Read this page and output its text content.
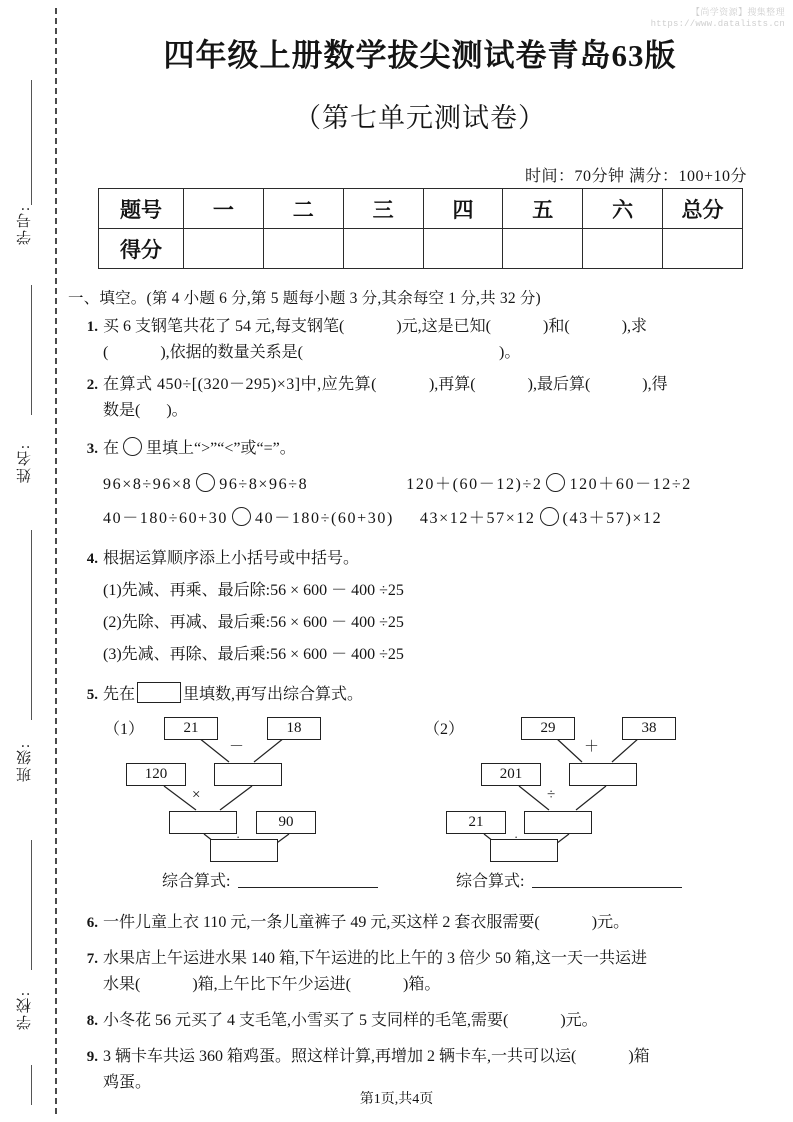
【尚学资源】搜集整理
https://www.datalists.cn
学号:
姓名:
班级:
学校:
四年级上册数学拔尖测试卷青岛63版
（第七单元测试卷）
时间：70分钟 满分：100+10分
题号	一	二	三	四	五	六	总分
得分							
一、填空。(第 4 小题 6 分,第 5 题每小题 3 分,其余每空 1 分,共 32 分)
1. 买 6 支钢笔共花了 54 元,每支钢笔(	)元,这是已知(	)和(	),求
(	),依据的数量关系是(	)。
2. 在算式 450÷[(320－295)×3]中,应先算(	),再算(	),最后算(	),得
数是( )。
3. 在 里填上“>”“<”或“=”。
96×8÷96×8 96÷8×96÷8	120＋(60－12)÷2 120＋60－12÷2
40－180÷60+30 40－180÷(60+30) 43×12＋57×12 (43＋57)×12
4. 根据运算顺序添上小括号或中括号。
(1)先减、再乘、最后除:56 × 600 － 400 ÷25
(2)先除、再减、最后乘:56 × 600 － 400 ÷25
(3)先减、再除、最后乘:56 × 600 － 400 ÷25
5. 先在	里填数,再写出综合算式。
（1）	21	18
－
120
×
90
（2）	29	38
＋
201
÷
21
综合算式:	综合算式:
6. 一件儿童上衣 110 元,一条儿童裤子 49 元,买这样 2 套衣服需要(	)元。
7. 水果店上午运进水果 140 箱,下午运进的比上午的 3 倍少 50 箱,这一天一共运进
水果(	)箱,上午比下午少运进(	)箱。
8. 小冬花 56 元买了 4 支毛笔,小雪买了 5 支同样的毛笔,需要(	)元。
9. 3 辆卡车共运 360 箱鸡蛋。照这样计算,再增加 2 辆卡车,一共可以运(	)箱
鸡蛋。
第1页,共4页
